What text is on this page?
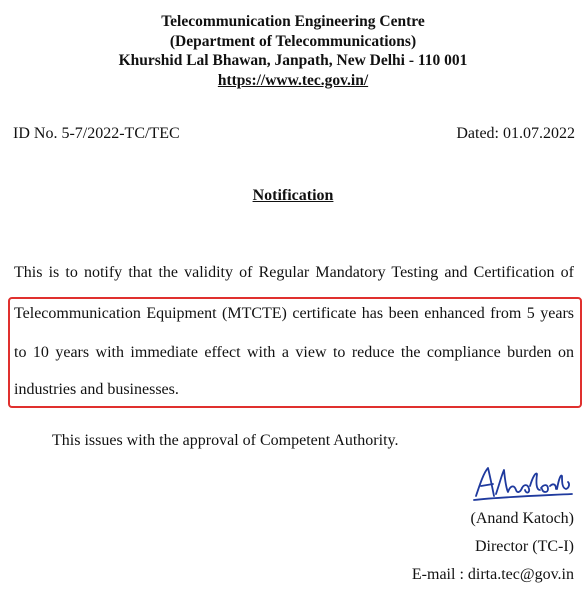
Telecommunication Engineering Centre
(Department of Telecommunications)
Khurshid Lal Bhawan, Janpath, New Delhi - 110 001
https://www.tec.gov.in/
ID No. 5-7/2022-TC/TEC	Dated: 01.07.2022
Notification
This is to notify that the validity of Regular Mandatory Testing and Certification of
Telecommunication Equipment (MTCTE) certificate has been enhanced from 5 years
to 10 years with immediate effect with a view to reduce the compliance burden on
industries and businesses.
This issues with the approval of Competent Authority.
(Anand Katoch)
Director (TC-I)
E-mail : dirta.tec@gov.in
